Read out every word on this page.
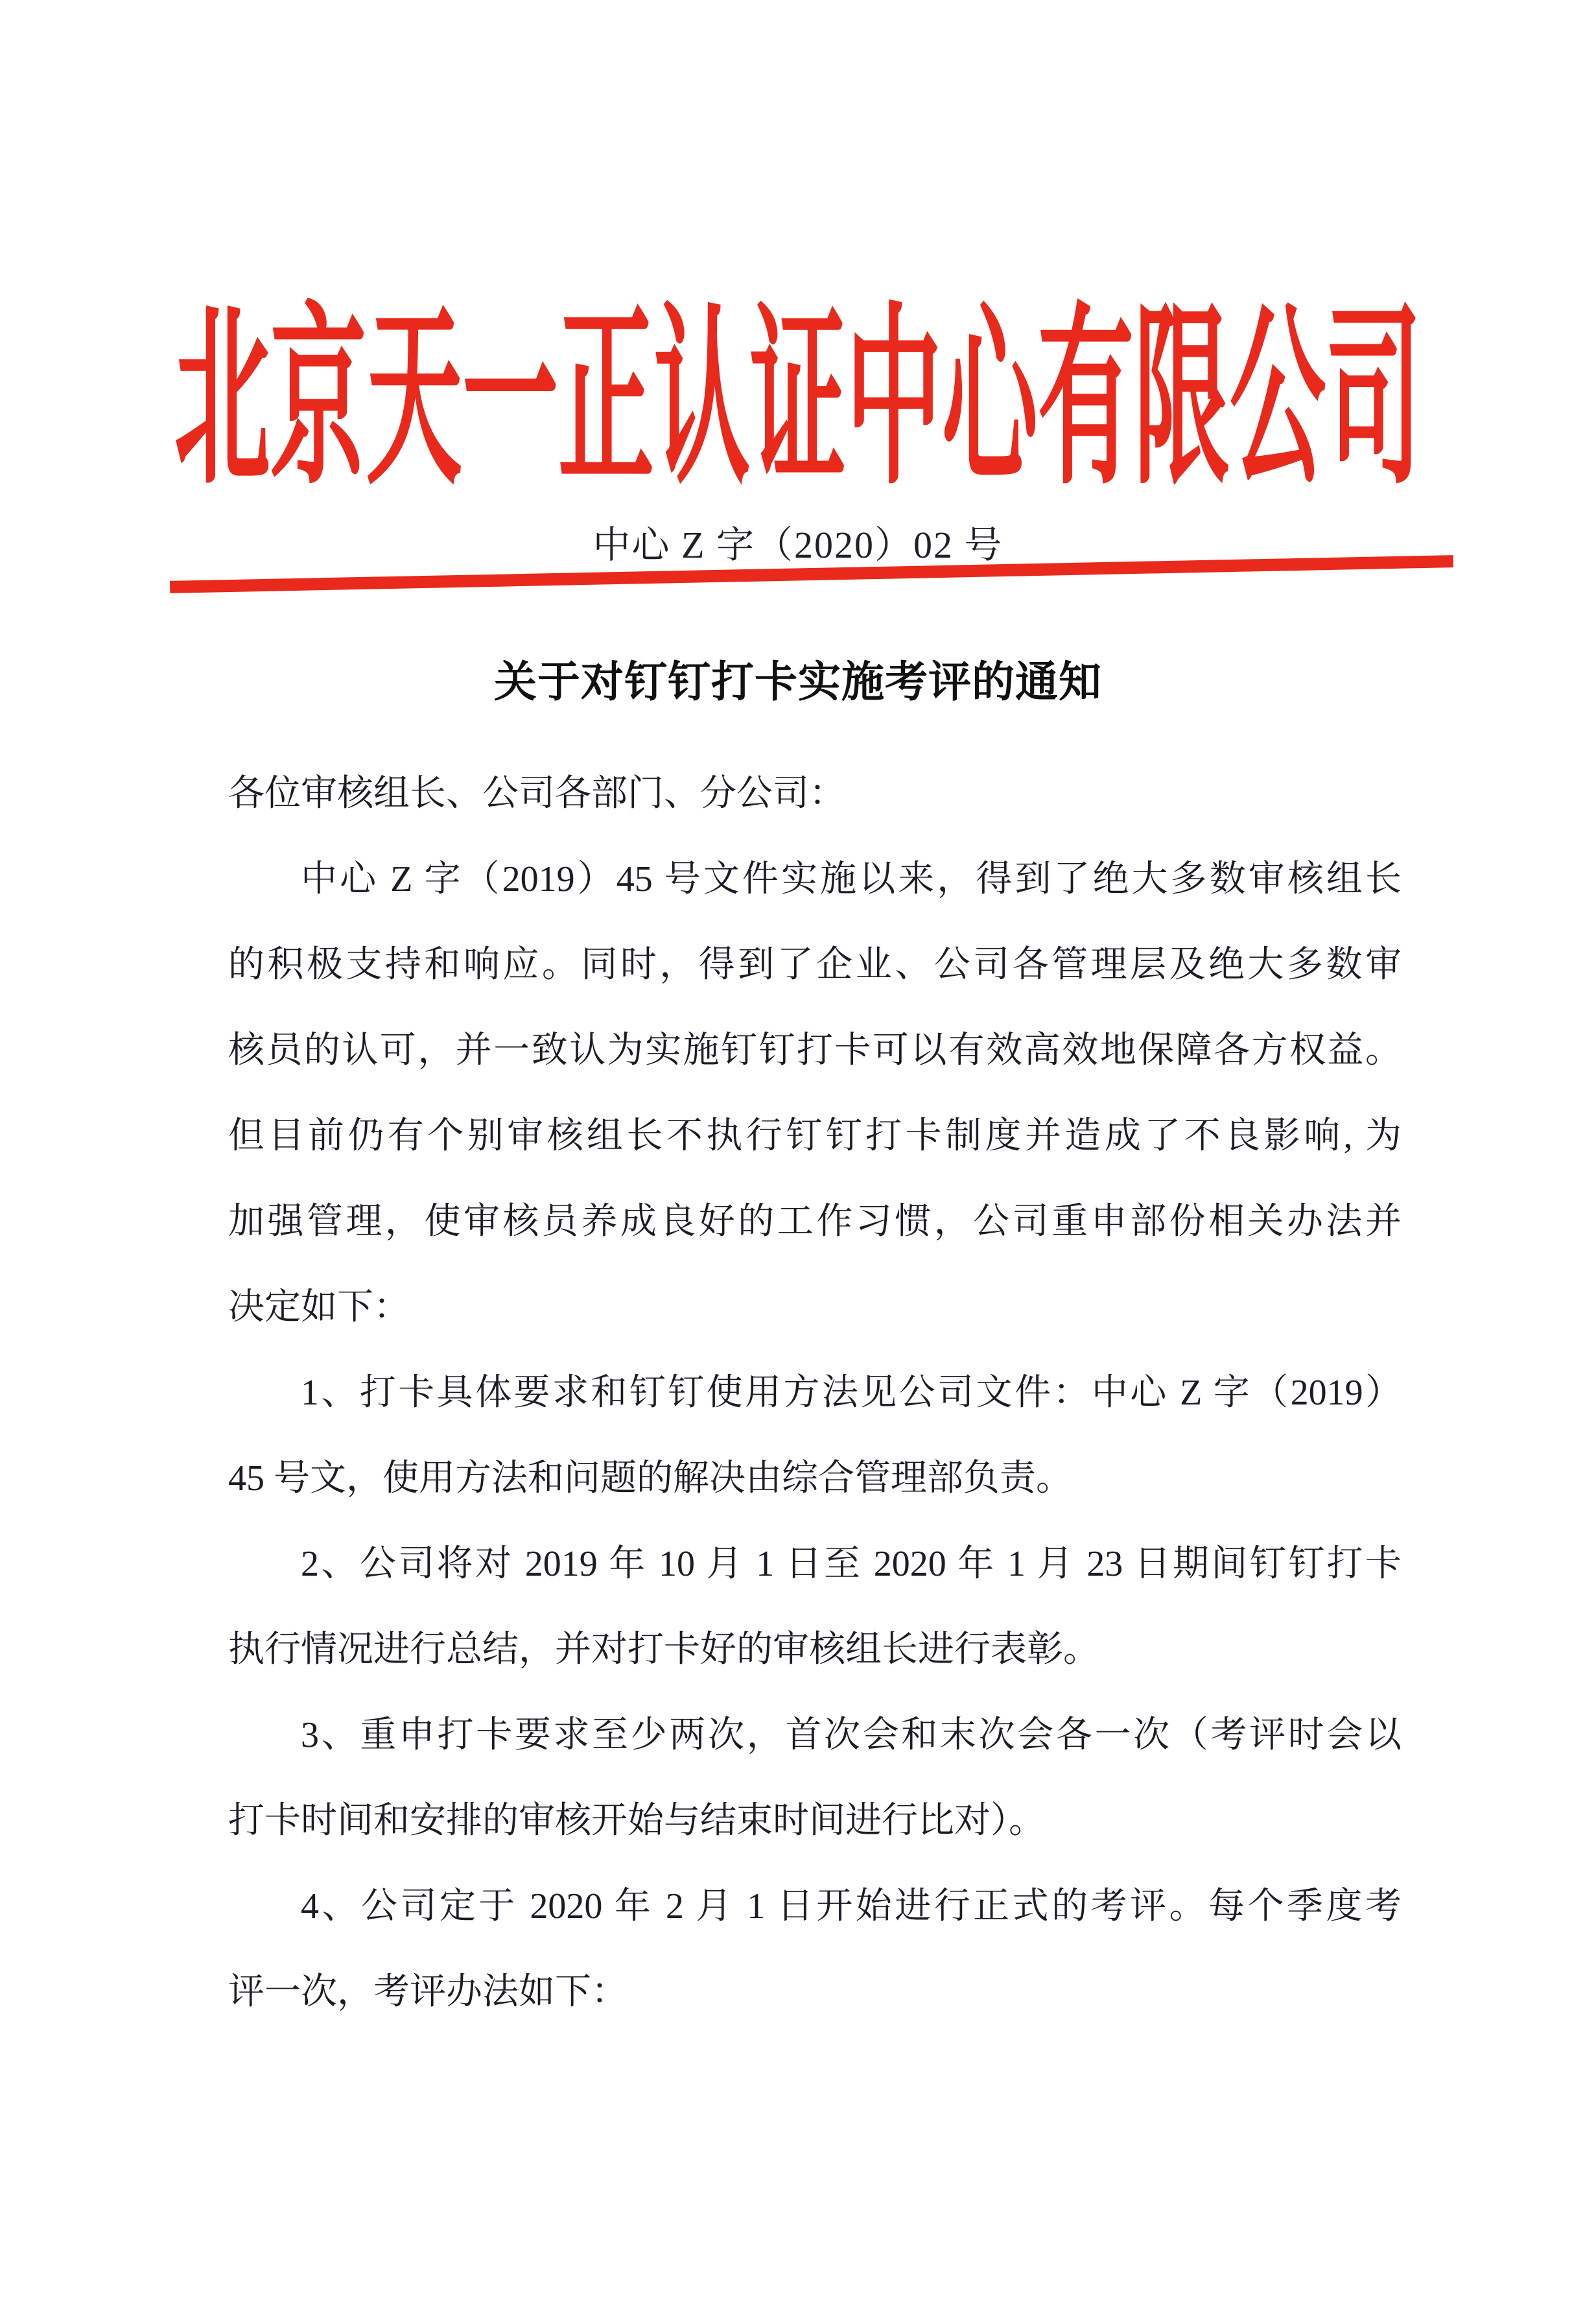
北京天一正认证中心有限公司
中心 Z 字（2020）02 号
关于对钉钉打卡实施考评的通知
各位审核组长、公司各部门、分公司：
中心 Z 字（2019）45 号文件实施以来，得到了绝大多数审核组长
的积极支持和响应。同时，得到了企业、公司各管理层及绝大多数审
核员的认可，并一致认为实施钉钉打卡可以有效高效地保障各方权益。
但目前仍有个别审核组长不执行钉钉打卡制度并造成了不良影响, 为
加强管理，使审核员养成良好的工作习惯，公司重申部份相关办法并
决定如下：
1、打卡具体要求和钉钉使用方法见公司文件：中心 Z 字（2019）
45 号文，使用方法和问题的解决由综合管理部负责。
2、公司将对 2019 年 10 月 1 日至 2020 年 1 月 23 日期间钉钉打卡
执行情况进行总结，并对打卡好的审核组长进行表彰。
3、重申打卡要求至少两次，首次会和末次会各一次（考评时会以
打卡时间和安排的审核开始与结束时间进行比对）。
4、公司定于 2020 年 2 月 1 日开始进行正式的考评。每个季度考
评一次，考评办法如下：
